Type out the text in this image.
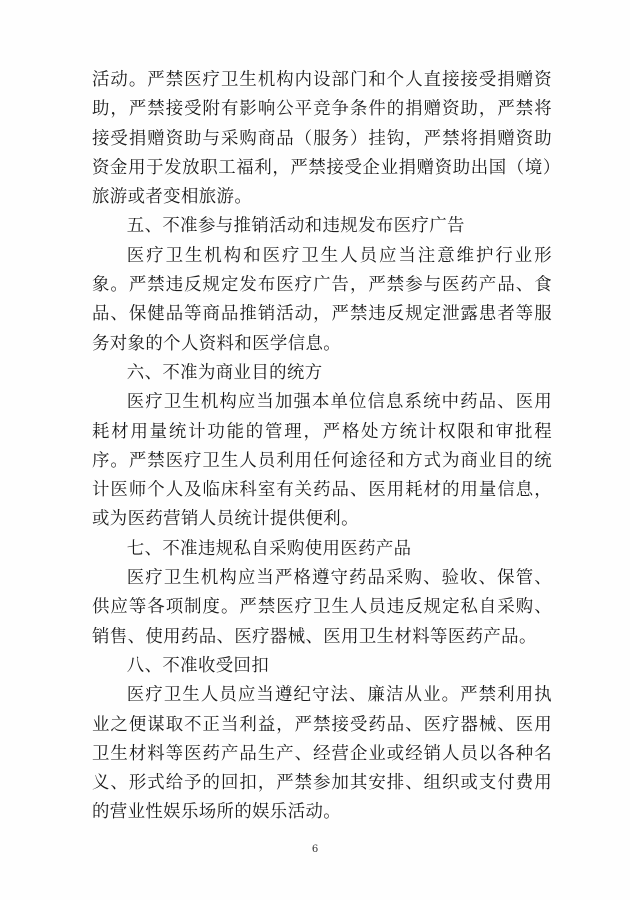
活动。严禁医疗卫生机构内设部门和个人直接接受捐赠资助，严禁接受附有影响公平竞争条件的捐赠资助，严禁将接受捐赠资助与采购商品（服务）挂钩，严禁将捐赠资助资金用于发放职工福利，严禁接受企业捐赠资助出国（境）旅游或者变相旅游。

五、不准参与推销活动和违规发布医疗广告

医疗卫生机构和医疗卫生人员应当注意维护行业形象。严禁违反规定发布医疗广告，严禁参与医药产品、食品、保健品等商品推销活动，严禁违反规定泄露患者等服务对象的个人资料和医学信息。

六、不准为商业目的统方

医疗卫生机构应当加强本单位信息系统中药品、医用耗材用量统计功能的管理，严格处方统计权限和审批程序。严禁医疗卫生人员利用任何途径和方式为商业目的统计医师个人及临床科室有关药品、医用耗材的用量信息，或为医药营销人员统计提供便利。

七、不准违规私自采购使用医药产品

医疗卫生机构应当严格遵守药品采购、验收、保管、供应等各项制度。严禁医疗卫生人员违反规定私自采购、销售、使用药品、医疗器械、医用卫生材料等医药产品。

八、不准收受回扣

医疗卫生人员应当遵纪守法、廉洁从业。严禁利用执业之便谋取不正当利益，严禁接受药品、医疗器械、医用卫生材料等医药产品生产、经营企业或经销人员以各种名义、形式给予的回扣，严禁参加其安排、组织或支付费用的营业性娱乐场所的娱乐活动。

6
